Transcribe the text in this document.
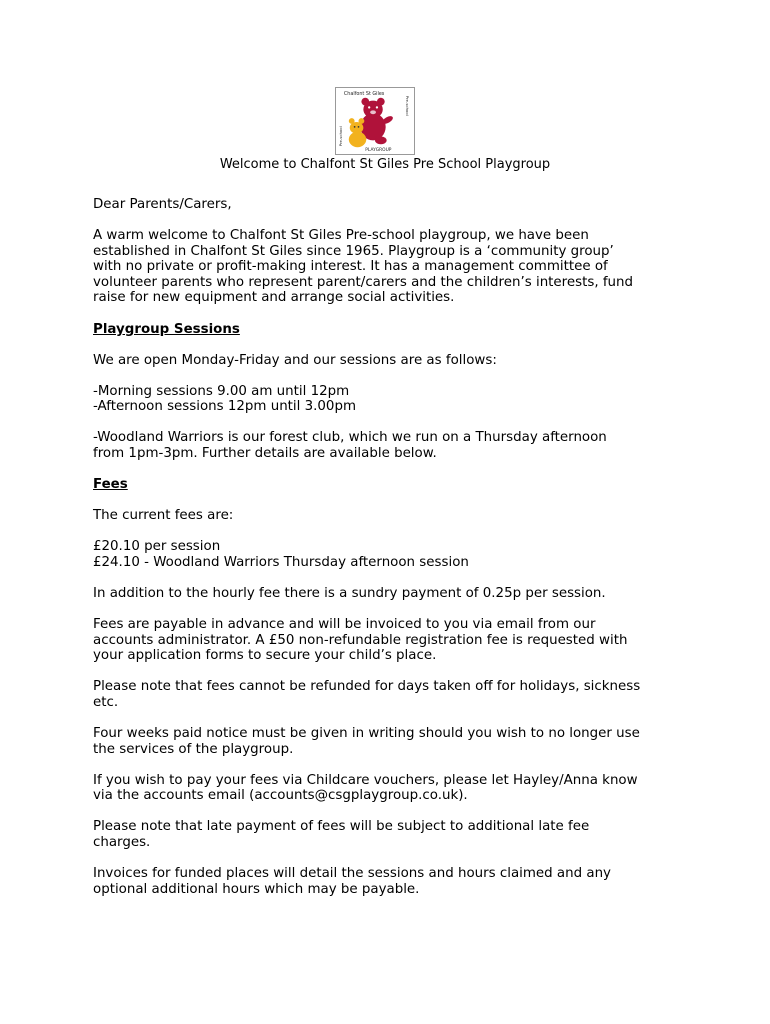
Chalfont St Giles
Pre-school
Pre-school
PLAYGROUP
Welcome to Chalfont St Giles Pre School Playgroup

Dear Parents/Carers,

A warm welcome to Chalfont St Giles Pre-school playgroup, we have been
established in Chalfont St Giles since 1965. Playgroup is a ‘community group’
with no private or profit-making interest. It has a management committee of
volunteer parents who represent parent/carers and the children’s interests, fund
raise for new equipment and arrange social activities.

Playgroup Sessions

We are open Monday-Friday and our sessions are as follows:

-Morning sessions 9.00 am until 12pm
-Afternoon sessions 12pm until 3.00pm

-Woodland Warriors is our forest club, which we run on a Thursday afternoon
from 1pm-3pm. Further details are available below.

Fees

The current fees are:

£20.10 per session
£24.10 - Woodland Warriors Thursday afternoon session

In addition to the hourly fee there is a sundry payment of 0.25p per session.

Fees are payable in advance and will be invoiced to you via email from our
accounts administrator. A £50 non-refundable registration fee is requested with
your application forms to secure your child’s place.

Please note that fees cannot be refunded for days taken off for holidays, sickness
etc.

Four weeks paid notice must be given in writing should you wish to no longer use
the services of the playgroup.

If you wish to pay your fees via Childcare vouchers, please let Hayley/Anna know
via the accounts email (accounts@csgplaygroup.co.uk).

Please note that late payment of fees will be subject to additional late fee
charges.

Invoices for funded places will detail the sessions and hours claimed and any
optional additional hours which may be payable.
